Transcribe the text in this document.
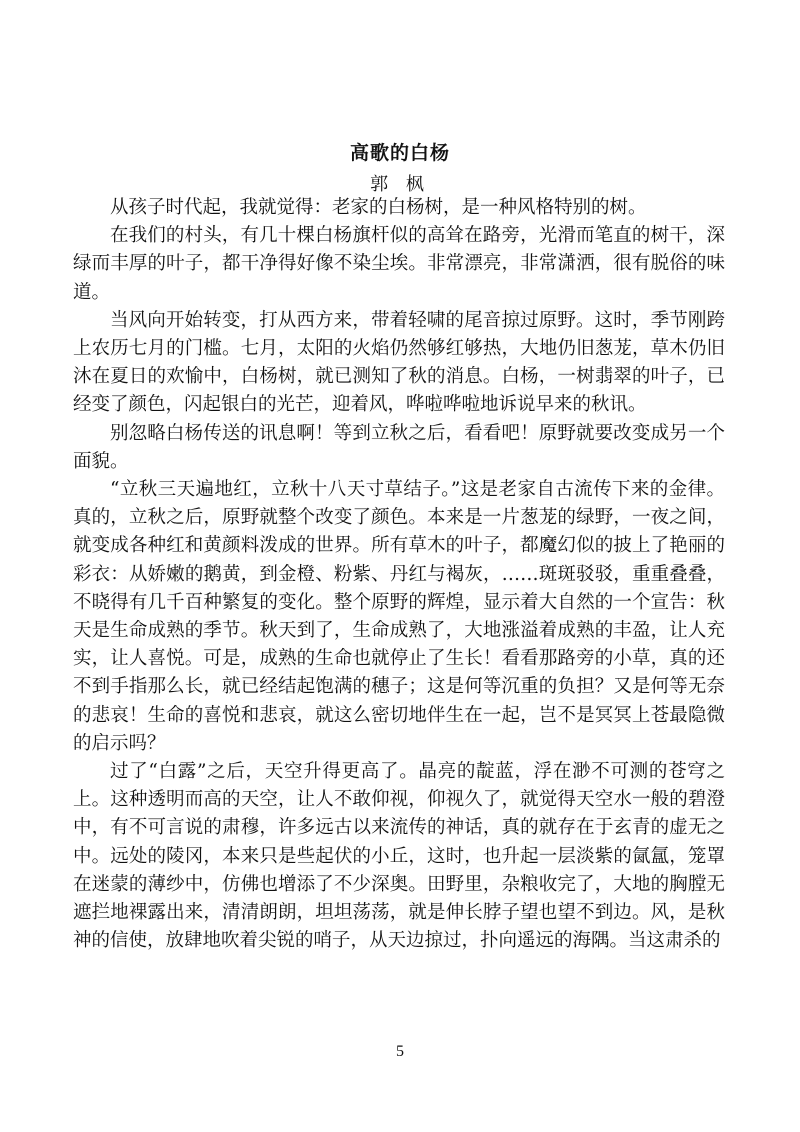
高歌的白杨
郭 枫

从孩子时代起，我就觉得：老家的白杨树，是一种风格特别的树。

在我们的村头，有几十棵白杨旗杆似的高耸在路旁，光滑而笔直的树干，深绿而丰厚的叶子，都干净得好像不染尘埃。非常漂亮，非常潇洒，很有脱俗的味道。

当风向开始转变，打从西方来，带着轻啸的尾音掠过原野。这时，季节刚跨上农历七月的门槛。七月，太阳的火焰仍然够红够热，大地仍旧葱茏，草木仍旧沐在夏日的欢愉中，白杨树，就已测知了秋的消息。白杨，一树翡翠的叶子，已经变了颜色，闪起银白的光芒，迎着风，哗啦哗啦地诉说早来的秋讯。

别忽略白杨传送的讯息啊！等到立秋之后，看看吧！原野就要改变成另一个面貌。

“立秋三天遍地红，立秋十八天寸草结子。”这是老家自古流传下来的金律。真的，立秋之后，原野就整个改变了颜色。本来是一片葱茏的绿野，一夜之间，就变成各种红和黄颜料泼成的世界。所有草木的叶子，都魔幻似的披上了艳丽的彩衣：从娇嫩的鹅黄，到金橙、粉紫、丹红与褐灰，……斑斑驳驳，重重叠叠，不晓得有几千百种繁复的变化。整个原野的辉煌，显示着大自然的一个宣告：秋天是生命成熟的季节。秋天到了，生命成熟了，大地涨溢着成熟的丰盈，让人充实，让人喜悦。可是，成熟的生命也就停止了生长！看看那路旁的小草，真的还不到手指那么长，就已经结起饱满的穗子；这是何等沉重的负担？又是何等无奈的悲哀！生命的喜悦和悲哀，就这么密切地伴生在一起，岂不是冥冥上苍最隐微的启示吗？

过了“白露”之后，天空升得更高了。晶亮的靛蓝，浮在渺不可测的苍穹之上。这种透明而高的天空，让人不敢仰视，仰视久了，就觉得天空水一般的碧澄中，有不可言说的肃穆，许多远古以来流传的神话，真的就存在于玄青的虚无之中。远处的陵冈，本来只是些起伏的小丘，这时，也升起一层淡紫的氤氲，笼罩在迷蒙的薄纱中，仿佛也增添了不少深奥。田野里，杂粮收完了，大地的胸膛无遮拦地裸露出来，清清朗朗，坦坦荡荡，就是伸长脖子望也望不到边。风，是秋神的信使，放肆地吹着尖锐的哨子，从天边掠过，扑向遥远的海隅。当这肃杀的

5
